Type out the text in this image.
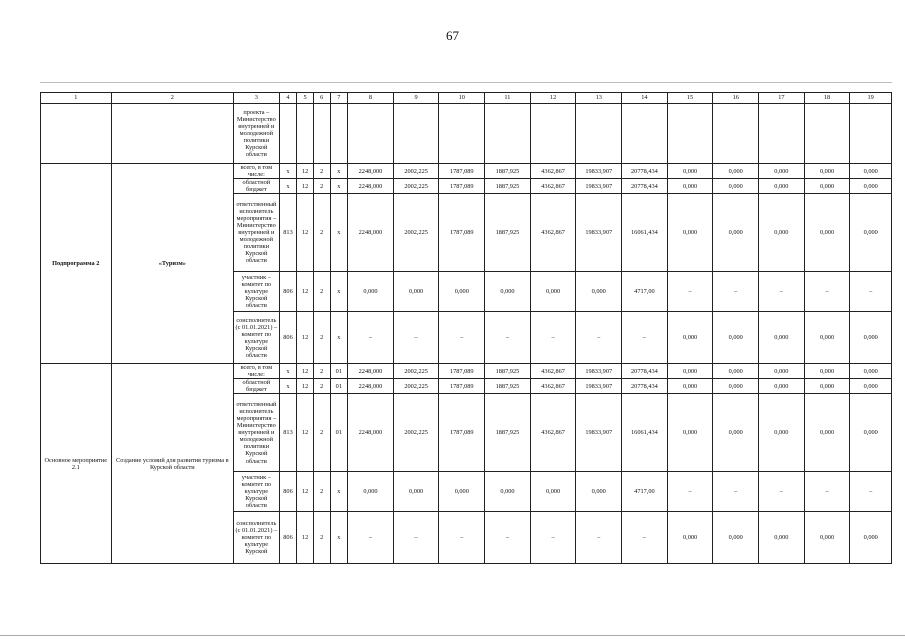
67
1	2	3	4	5	6	7	8	9	10	11	12	13	14	15	16	17	18	19
		проекта – Министерство внутренней и молодежной политики Курской области																
Подпрограмма 2	«Туризм»	всего, в том числе:	х	12	2	х	2248,000	2002,225	1787,089	1887,925	4362,867	19833,907	20778,434	0,000	0,000	0,000	0,000	0,000
		областной бюджет	х	12	2	х	2248,000	2002,225	1787,089	1887,925	4362,867	19833,907	20778,434	0,000	0,000	0,000	0,000	0,000
		ответственный исполнитель мероприятия – Министерство внутренней и молодежной политики Курской области	813	12	2	х	2248,000	2002,225	1787,089	1887,925	4362,867	19833,907	16061,434	0,000	0,000	0,000	0,000	0,000
		участник – комитет по культуре Курской области	806	12	2	х	0,000	0,000	0,000	0,000	0,000	0,000	4717,00	–	–	–	–	–
		соисполнитель (с 01.01.2021) – комитет по культуре Курской области	806	12	2	х	–	–	–	–	–	–	–	0,000	0,000	0,000	0,000	0,000
Основное мероприятие 2.1	Создание условий для развития туризма в Курской области	всего, в том числе:	х	12	2	01	2248,000	2002,225	1787,089	1887,925	4362,867	19833,907	20778,434	0,000	0,000	0,000	0,000	0,000
		областной бюджет	х	12	2	01	2248,000	2002,225	1787,089	1887,925	4362,867	19833,907	20778,434	0,000	0,000	0,000	0,000	0,000
		ответственный исполнитель мероприятия – Министерство внутренней и молодежной политики Курской области	813	12	2	01	2248,000	2002,225	1787,089	1887,925	4362,867	19833,907	16061,434	0,000	0,000	0,000	0,000	0,000
		участник – комитет по культуре Курской области	806	12	2	х	0,000	0,000	0,000	0,000	0,000	0,000	4717,00	–	–	–	–	–
		соисполнитель (с 01.01.2021) – комитет по культуре Курской	806	12	2	х	–	–	–	–	–	–	–	0,000	0,000	0,000	0,000	0,000
